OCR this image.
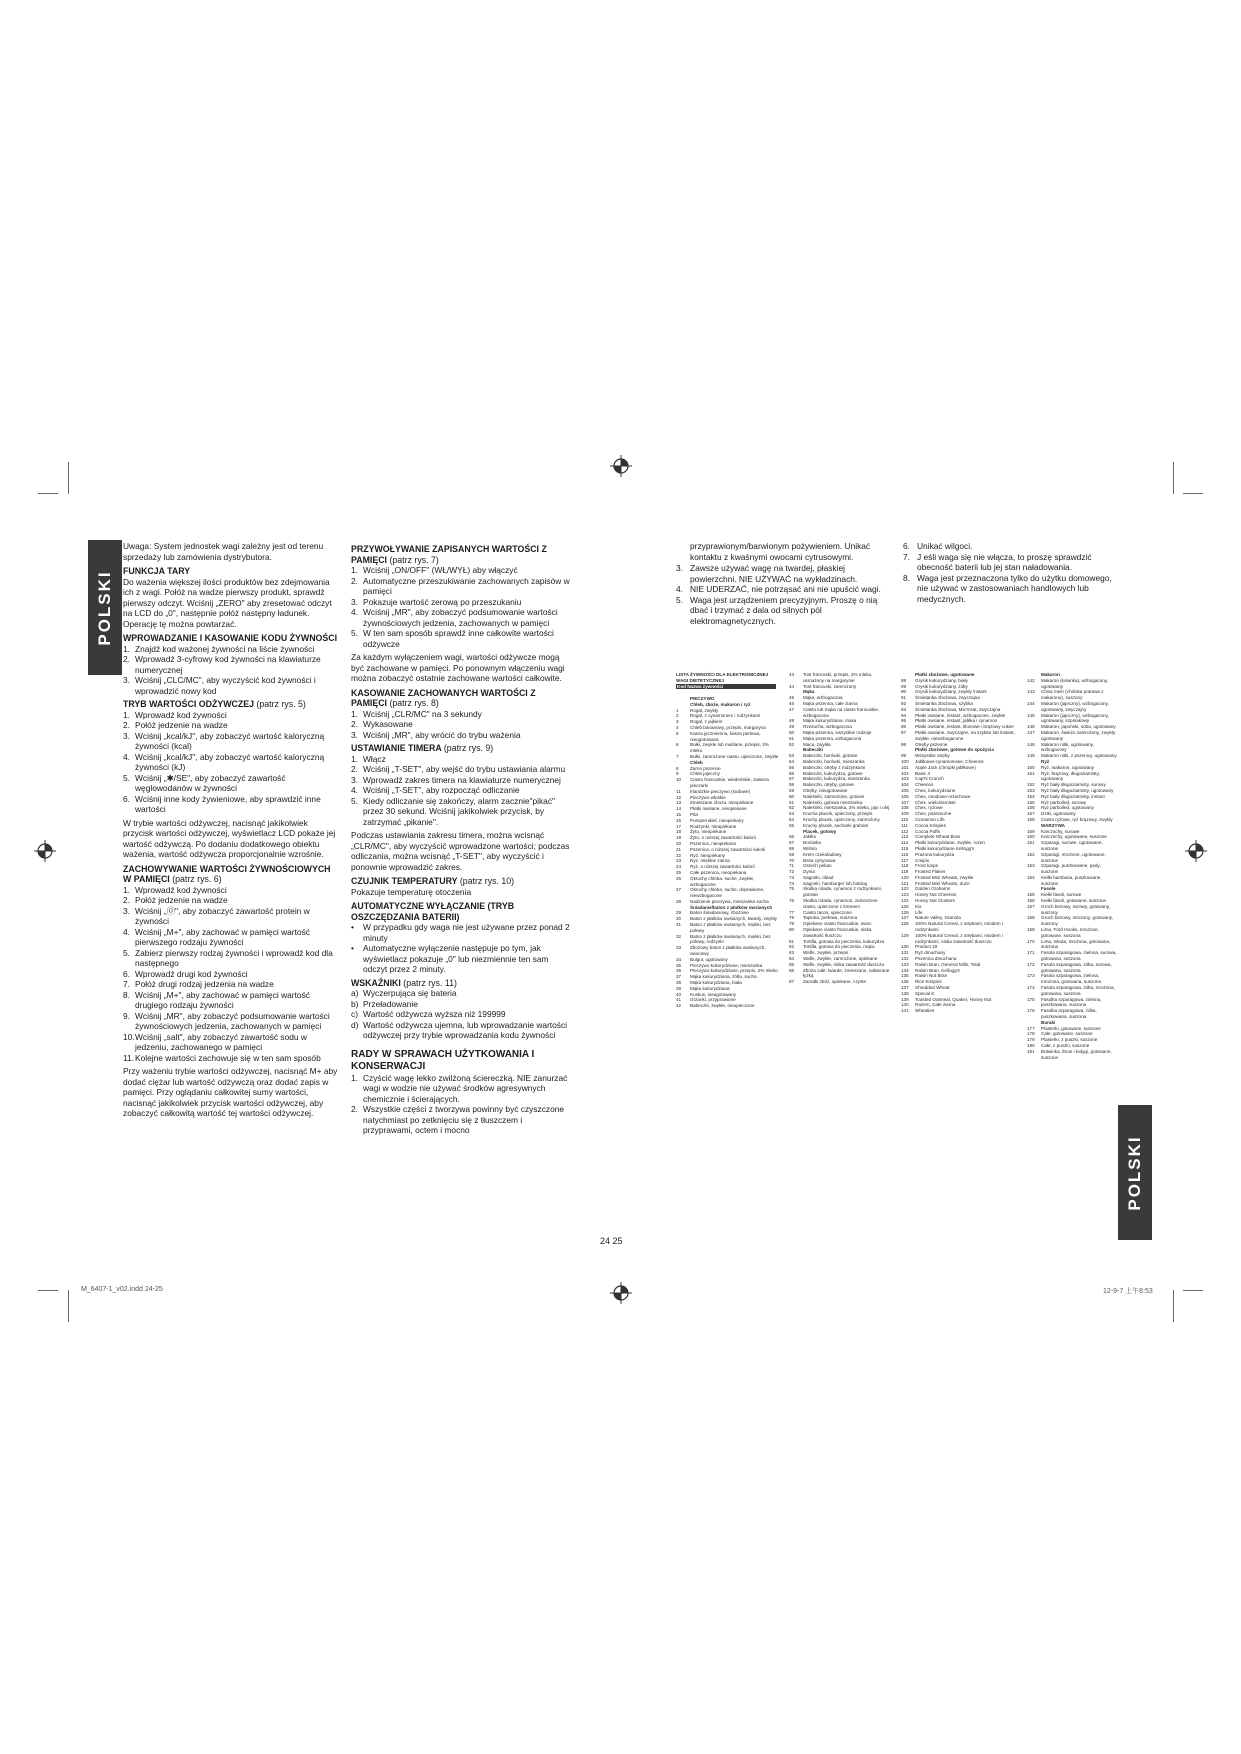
POLSKI
POLSKI

Uwaga: System jednostek wagi zależny jest od terenu sprzedaży lub zamówienia dystrybutora.

FUNKCJA TARY

Do ważenia większej ilości produktów bez zdejmowania ich z wagi. Połóż na wadze pierwszy produkt, sprawdź pierwszy odczyt. Wciśnij „ZERO" aby zresetować odczyt na LCD do „0", następnie połóż następny ładunek. Operację tę można powtarzać.

WPROWADZANIE I KASOWANIE KODU ŻYWNOŚCI
1. Znajdź kod ważonej żywności na liście żywności
2. Wprowadź 3-cyfrowy kod żywności na klawiaturze numerycznej
3. Wciśnij „CLC/MC", aby wyczyścić kod żywności i wprowadzić nowy kod
TRYB WARTOŚCI ODŻYWCZEJ (patrz rys. 5)
1. Wprowadź kod żywności
2. Połóż jedzenie na wadze
3. Wciśnij „kcal/kJ", aby zobaczyć wartość kaloryczną żywności (kcal)
4. Wciśnij „kcal/kJ", aby zobaczyć wartość kaloryczną żywności (kJ)
5. Wciśnij „✱/SE", aby zobaczyć zawartość węglowodanów w żywności
6. Wciśnij inne kody żywieniowe, aby sprawdzić inne wartości

W trybie wartości odżywczej, nacisnąć jakikolwiek przycisk wartości odżywczej, wyświetlacz LCD pokaże jej wartość odżywczą. Po dodaniu dodatkowego obiektu ważenia, wartość odżywcza proporcjonalnie wzrośnie.

ZACHOWYWANIE WARTOŚCI ŻYWNOŚCIOWYCH W PAMIĘCI (patrz rys. 6)
1. Wprowadź kod żywności
2. Połóż jedzenie na wadze
3. Wciśnij „⓪", aby zobaczyć zawartość protein w żywności
4. Wciśnij „M+", aby zachować w pamięci wartość pierwszego rodzaju żywności
5. Zabierz pierwszy rodzaj żywności i wprowadź kod dla następnego
6. Wprowadź drugi kod żywności
7. Połóż drugi rodzaj jedzenia na wadze
8. Wciśnij „M+", aby zachować w pamięci wartość drugiego rodzaju żywności
9. Wciśnij „MR", aby zobaczyć podsumowanie wartości żywnościowych jedzenia, zachowanych w pamięci
10. Wciśnij „salt", aby zobaczyć zawartość sodu w jedzeniu, zachowanego w pamięci
11. Kolejne wartości zachowuje się w ten sam sposób

Przy ważeniu trybie wartości odżywczej, nacisnąć M+ aby dodać ciężar lub wartość odżywczą oraz dodać zapis w pamięci. Przy oglądaniu całkowitej sumy wartości, nacisnąć jakikolwiek przycisk wartości odżywczej, aby zobaczyć całkowitą wartość tej wartości odżywczej.

PRZYWOŁYWANIE ZAPISANYCH WARTOŚCI Z PAMIĘCI (patrz rys. 7)
1. Wciśnij „ON/OFF" (WŁ/WYŁ) aby włączyć
2. Automatyczne przeszukiwanie zachowanych zapisów w pamięci
3. Pokazuje wartość zerową po przeszukaniu
4. Wciśnij „MR", aby zobaczyć podsumowanie wartości żywnościowych jedzenia, zachowanych w pamięci
5. W ten sam sposób sprawdź inne całkowite wartości odżywcze

Za każdym wyłączeniem wagi, wartości odżywcze mogą być zachowane w pamięci. Po ponownym włączeniu wagi można zobaczyć ostatnie zachowane wartości całkowite.

KASOWANIE ZACHOWANYCH WARTOŚCI Z PAMIĘCI (patrz rys. 8)
1. Wciśnij „CLR/MC" na 3 sekundy
2. Wykasowane
3. Wciśnij „MR", aby wrócić do trybu ważenia
USTAWIANIE TIMERA (patrz rys. 9)
1. Włącz
2. Wciśnij „T-SET", aby wejść do trybu ustawiania alarmu
3. Wprowadź zakres timera na klawiaturze numerycznej
4. Wciśnij „T-SET", aby rozpocząć odliczanie
5. Kiedy odliczanie się zakończy, alarm zacznie"pikać" przez 30 sekund. Wciśnij jakikolwiek przycisk, by zatrzymać „pikanie".

Podczas ustawiania zakresu timera, można wcisnąć „CLR/MC", aby wyczyścić wprowadzone wartości; podczas odliczania, można wcisnąć „T-SET", aby wyczyścić i ponownie wprowadzić zakres.

CZUJNIK TEMPERATURY (patrz rys. 10)

Pokazuje temperaturę otoczenia

AUTOMATYCZNE WYŁĄCZANIE (TRYB OSZCZĘDZANIA BATERII)
•	W przypadku gdy waga nie jest używane przez ponad 2 minuty
•	Automatyczne wyłączenie następuje po tym, jak wyświetlacz pokazuje „0" lub niezmiennie ten sam odczyt przez 2 minuty.
WSKAŹNIKI (patrz rys. 11)
a) Wyczerpująca się bateria
b) Przeładowanie
c) Wartość odżywcza wyższa niż 199999
d) Wartość odżywcza ujemna, lub wprowadzanie wartości odżywczej przy trybie wprowadzania kodu żywności
RADY W SPRAWACH UŻYTKOWANIA I KONSERWACJI
1. Czyścić wagę lekko zwilżoną ściereczką. NIE zanurzać wagi w wodzie nie używać środków agresywnych chemicznie i ścierających.
2. Wszystkie części z tworzywa powinny być czyszczone natychmiast po zetknięciu się z tłuszczem i przyprawami, octem i mocno
24 25

przyprawionym/barwionym pożywieniem. Unikać kontaktu z kwaśnymi owocami cytrusowymi.

3. Zawsze używać wagę na twardej, płaskiej powierzchni. NIE UŻYWAĆ na wykładzinach.
4. NIE UDERZAĆ, nie potrząsać ani nie upuścić wagi.
5. Waga jest urządzeniem precyzyjnym. Proszę o nią dbać i trzymać z dala od silnych pól elektromagnetycznych.
6. Unikać wilgoci.
7. J eśli waga się nie włącza, to proszę sprawdzić obecność baterii lub jej stan naładowania.
8. Waga jest przeznaczona tylko do użytku domowego, nie używać w zastosowaniach handlowych lub medycznych.
LISTA ŻYWNOŚCI DLA ELEKTRONICZNEJ WAGI DIETETYCZNEJ
Kod Nazwa żywności
PIECZYWO
Chleb, zboże, makaron i ryż
1	Rogal, zwykły
2	Rogal, z cynamonem i rodzynkami
3	Rogal, z jajkiem
4	Chleb bananowy, przepis, margaryna
5	Kasza jęczmienna, kasza perłowa, nieugotowana
6	Bułki, zwykłe lub maślane, przepis, 2% mleko
7	Bułki, zamrożone ciasto, upieczone, zwykłe
Chleb
8	Żarno pszenne
9	Chleb jajeczny
10	Ciasto francuskie, wiedeńskie, zawiera pieczarki
11	Irlandzkie pieczywo (sodowe)
12	Pieczywo włoskie
13	Zmieszane zboża, nieopiekane
14	Płatki owsiane, nieopiekane
15	Pita
16	Pumpernikiel, nieopiekany
17	Rodzynki, nieopiekane
18	Żyto, nieopiekane
19	Żyto, o niższej zawartości kalorii
20	Pszenica, nieopiekana
21	Pszenica, o niższej zawartości kalorii
22	Ryż, nieopiekany
23	Ryż, miękkie ziarna
24	Ryż, o niższej zawartości kalorii
25	Całe pszenica, nieopiekana
26	Okruchy chleba, suche, zwykłe, wzbogacone
27	Okruchy chleba, suche, doprawione, niewzbogacone
28	Nadzienie pieczywa, mieszanka sucha
Śniadanie/baton z płatków owsianych
29	Baton śniadaniowy, zbożowe
30	Baton z płatków owsianych, twardy, zwykły
31	Baton z płatków owsianych, miękki, bez polewy
32	Baton z płatków owsianych, miękki, bez polewy, rodzynki
33	Zbożowy baton z płatków owsianych, owocowy
34	Bulgur, ugotowany
35	Pieczywo kukurydziane, mieszanka
36	Pieczywo kukurydziane, przepis, 2% mleko
37	Mąka kukurydziana, żółta, sucha
38	Mąka kukurydziana, biała
39	Mąka kukurydziana
40	Kuskus, nieugotowany
41	Grzanki, przyprawione
42	Babeczki, zwykłe, nieupieczone
43	Tost francuski, przepis, 2% mleko, usmażony na margarynie
44	Tost francuski, zamrożony
Mąka
45	Mąka, wzbogacona
46	Mąka pszenna, całe ziarna
47	Ciasto lub mąka na ciasto francuskie, wzbogacona
48	Mąka kukurydziana, masa
49	Rzeżucha, wzbogacona
50	Mąka pszenna, wszystkie rodzaje
51	Mąka pszenna, wzbogacona
52	Maca, zwykła
Babeczki
53	Babeczki, borówki, gotowe
54	Babeczki, borówki, mieszanka
55	Babeczki, otręby z rodzynkami
56	Babeczki, kukurydza, gotowe
57	Babeczki, kukurydza, mieszanka
58	Babeczki, otręby, gotowe
59	Otręby, nieugotowane
60	Naleśniki, zamrożone, gotowe
61	Naleśniki, gotowa mieszanka
62	Naleśniki, mieszanka, 2% mleko, jajo i olej
63	Krucha placek, upieczony, przepis
64	Kruchy placek, upieczony, zamrożony
65	Kruchy placek, sucharki graham
Placek, gotowy
66	Jabłko
67	Borówka
68	Wiśnia
69	Krem czekoladowy
70	Beza cytrynowa
71	Orzech pekan
72	Dynia
73	Sagonki, obiad
74	Sagonki, hamburger lub hotdog
75	Słodka rolada, cynamon z rodzynkami, gotowe
76	Słodka rolada, cynamon, zamrożone ciasto, upieczone z kremem
77	Ciasto tacos, upieczone
78	Tapioka, perłowa, suszona
79	Opiekane ciasto francuskie, owoc
80	Opiekane ciasto francuskie, niska zawartość tłuszczu
81	Tortilla, gotowa do pieczenia, kukurydza
82	Tortilla, gotowa do pieczenia, mąka
83	Wafle, zwykłe, przepis
84	Wafle, zwykłe, zamrożone, opiekane
85	Wafle, zwykłe, niska zawartość tłuszczu
86	Zboża całe: twarde, zmieszane, nabierane łyżką
87	Zarodki zbóż, opiekane, czyste
Płatki zbożowe, ugotowane
88	Grysik kukurydziany, biały
89	Grysik kukurydziany, żółty
90	Grysik kukurydziany, zwykły instant
91	Śmietanka zbożowa, zwyczajna
92	Śmietanka zbożowa, szybka
93	Śmietanka zbożowa, Mix'n'eat, zwyczajna
94	Płatki owsiane, instant, wzbogacone, zwykłe
95	Płatki owsiane, instant, jabłka i cynamon
96	Płatki owsiane, instant, klonowe i brązowy cukier
97	Płatki owsiane, zwyczajne, na szybko lub instant, zwykłe, niewzbogacone
98	Otręby pszenne
Płatki zbożowe, gotowe do spożycia
99	Wszystkie otręby
100	Jabłkowo-cynamonowe, Cheerios
101	Apple Jack (chrupki jabłkowe)
102	Basic 4
103	Cap'N Crunch
104	Cheerios
105	Chex, kukurydziane
106	Chex, miodowo-orzechowe
107	Chex, wieloziarniste
108	Chex, ryżowe
109	Chex, pszeniczne
110	Cinnamon Life
111	Cocoa Krispies
112	Cocoa Puffs
113	Complete Wheat Bran
114	Płatki kukurydziane, zwykłe, rozen
115	Płatki kukurydziane Kellogg's
116	Prażona kukurydza
117	Crispix
118	Froot loops
119	Frosted Flakes
120	Frosted Mini Wheats, zwykłe
121	Frosted Mini Wheats, duże
122	Golden Grahams
123	Honey Nut Cheerios
124	Honey Nut Clusters
125	Kix
126	Life
127	Nature Valley, Granola
128	100% Natural Cereal, z otrębami, miodem i rodzynkami
129	100% Natural Cereal, z otrębami, miodem i rodzynkami, niska zawartość tłuszczu
130	Product 19
131	Ryż dmuchany
132	Pszenica dmuchana
133	Raisin Bran, General Mills, Total
134	Raisin Bran, Kellogg's
135	Raisin Nut Bran
136	Rice Krispies
137	Shredded Wheat
138	Special K
139	Toasted Oatmeal, Quaker, Honey Nut
140	Rażem, Całe ziarna
141	Wheaties
Makaron
142	Makaron (kolanka), wzbogacony, ugotowany
143	Chow mein (chińska potrawa z makaronu), suszony
144	Makaron (jajeczny), wzbogacony, ugotowany, zwyczajny
145	Makaron (jajeczny), wzbogacony, ugotowany, szpinakowy
146	Makaron, japoński, soba, ugotowany
147	Makaron, świeżo zamrożony, zwykły, ugotowany
148	Makaron nitki, ugotowany, wzbogacony
149	Makaron nitki, z pszenicy, ugotowany
Ryż
150	Ryż, makaron, ugotowany
151	Ryż, brązowy, długoziarnisty, ugotowany
152	Ryż biały długoziarnisty, surowy
153	Ryż biały długoziarnisty, ugotowany
154	Ryż biały długoziarnisty, instant
155	Ryż parboiled, surowy
156	Ryż parboiled, ugotowany
157	Dziki, ugotowany
158	Ciasto ryżowe, ryż brązowy, zwykły
WARZYWA
159	Karczochy, surowe
160	Karczochy, ugotowane, suszone
161	Szparagi, surowe, ugotowane, suszone
162	Szparagi, mrożone, ugotowane, suszone
163	Szparagi, puszkowane, pędy, suszone
164	Kiełki bambusa, puszkowane, suszone
Fasole
165	Kiełki fasoli, surowe
166	Kiełki fasoli, gotowane, suszone
167	Groch bezowy, surowy, gotowany, suszony
168	Groch bezowy, mrożony, gotowany, suszony
169	Lima, Ford Hooks, mrożone, gotowane, suszona
170	Lima, młoda, mrożona, gotowana, suszona
171	Fasola szparagowa, zielona, surowa, gotowana, suszona
172	Fasola szparagowa, żółta, surowa, gotowana, suszona
173	Fasola szparagowa, zielona, mrożona, gotowana, suszona
174	Fasola szparagowa, żółta, mrożona, gotowana, suszona
175	Fasolka szparagowa, zielona, puszkowana, suszona
176	Fasolka szparagowa, żółta, puszkowana, suszona
Buraki
177	Plasterki, gotowane, suszone
178	Całe, gotowane, suszone
179	Plasterki, z puszki, suszone
180	Całe, z puszki, suszone
181	Botwinka, liście i łodygi, gotowane, suszone
M_6407-1_v02.indd 24-25	12-9-7 上午8:53
